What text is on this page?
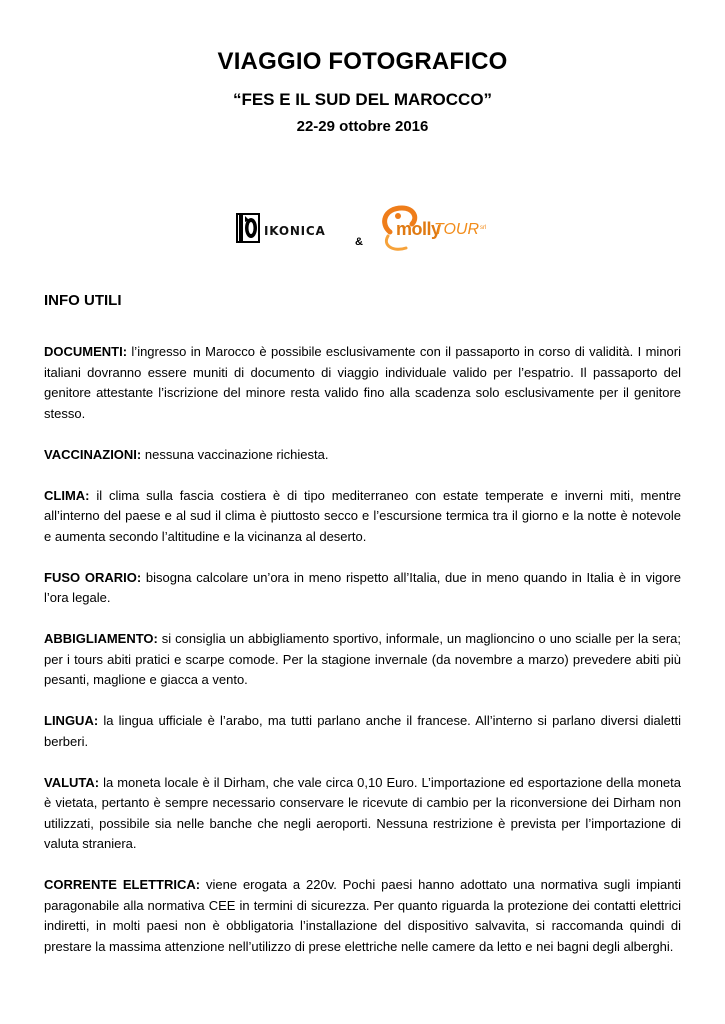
VIAGGIO FOTOGRAFICO
“FES E IL SUD DEL MAROCCO”
22-29 ottobre 2016
IKONICA
&
molly
TOUR srl
INFO UTILI

DOCUMENTI: l’ingresso in Marocco è possibile esclusivamente con il passaporto in corso di validità. I minori italiani dovranno essere muniti di documento di viaggio individuale valido per l’espatrio. Il passaporto del genitore attestante l’iscrizione del minore resta valido fino alla scadenza solo esclusivamente per il genitore stesso.

VACCINAZIONI: nessuna vaccinazione richiesta.

CLIMA: il clima sulla fascia costiera è di tipo mediterraneo con estate temperate e inverni miti, mentre all’interno del paese e al sud il clima è piuttosto secco e l’escursione termica tra il giorno e la notte è notevole e aumenta secondo l’altitudine e la vicinanza al deserto.

FUSO ORARIO: bisogna calcolare un’ora in meno rispetto all’Italia, due in meno quando in Italia è in vigore l’ora legale.

ABBIGLIAMENTO: si consiglia un abbigliamento sportivo, informale, un maglioncino o uno scialle per la sera; per i tours abiti pratici e scarpe comode. Per la stagione invernale (da novembre a marzo) prevedere abiti più pesanti, maglione e giacca a vento.

LINGUA: la lingua ufficiale è l’arabo, ma tutti parlano anche il francese. All’interno si parlano diversi dialetti berberi.

VALUTA: la moneta locale è il Dirham, che vale circa 0,10 Euro. L’importazione ed esportazione della moneta è vietata, pertanto è sempre necessario conservare le ricevute di cambio per la riconversione dei Dirham non utilizzati, possibile sia nelle banche che negli aeroporti. Nessuna restrizione è prevista per l’importazione di valuta straniera.

CORRENTE ELETTRICA: viene erogata a 220v. Pochi paesi hanno adottato una normativa sugli impianti paragonabile alla normativa CEE in termini di sicurezza. Per quanto riguarda la protezione dei contatti elettrici indiretti, in molti paesi non è obbligatoria l’installazione del dispositivo salvavita, si raccomanda quindi di prestare la massima attenzione nell’utilizzo di prese elettriche nelle camere da letto e nei bagni degli alberghi.
